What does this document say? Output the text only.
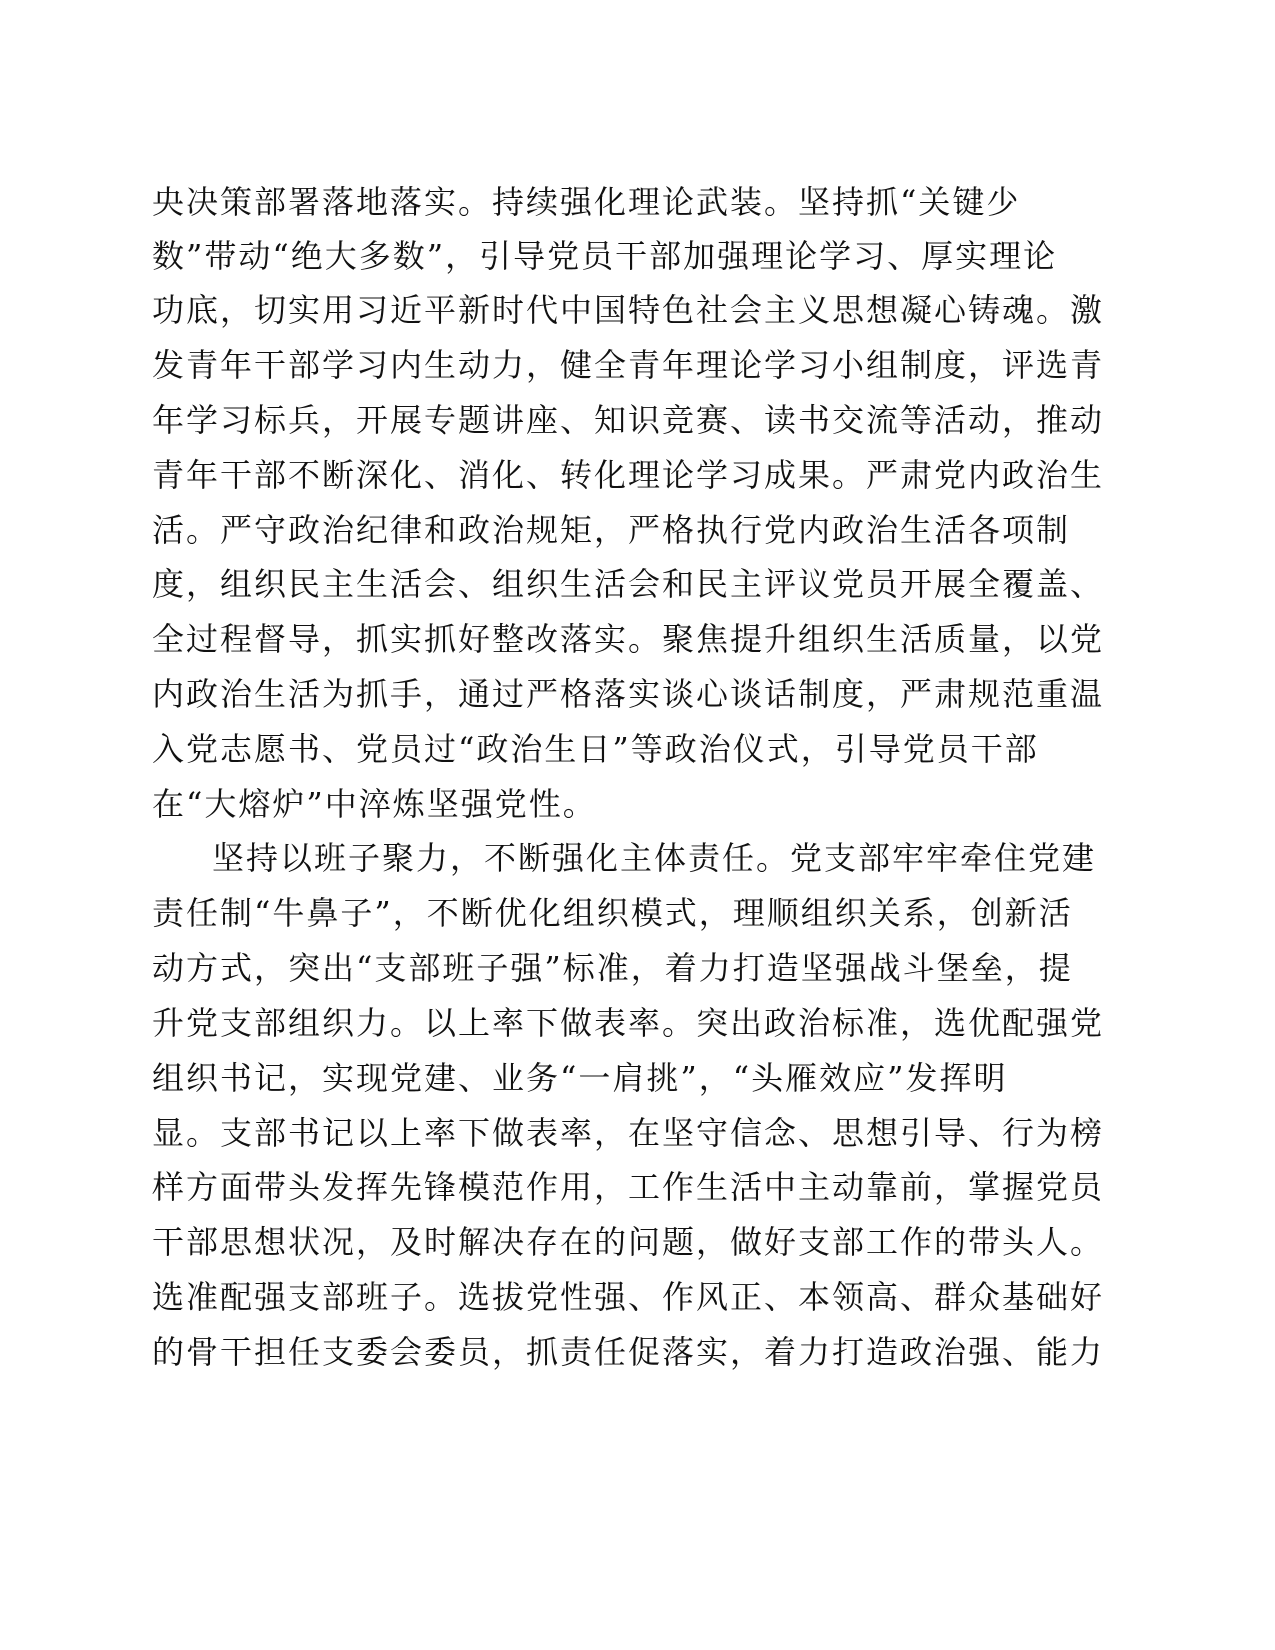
央决策部署落地落实。持续强化理论武装。坚持抓“关键少
数”带动“绝大多数”，引导党员干部加强理论学习、厚实理论
功底，切实用习近平新时代中国特色社会主义思想凝心铸魂。激
发青年干部学习内生动力，健全青年理论学习小组制度，评选青
年学习标兵，开展专题讲座、知识竞赛、读书交流等活动，推动
青年干部不断深化、消化、转化理论学习成果。严肃党内政治生
活。严守政治纪律和政治规矩，严格执行党内政治生活各项制
度，组织民主生活会、组织生活会和民主评议党员开展全覆盖、
全过程督导，抓实抓好整改落实。聚焦提升组织生活质量，以党
内政治生活为抓手，通过严格落实谈心谈话制度，严肃规范重温
入党志愿书、党员过“政治生日”等政治仪式，引导党员干部
在“大熔炉”中淬炼坚强党性。
坚持以班子聚力，不断强化主体责任。党支部牢牢牵住党建
责任制“牛鼻子”，不断优化组织模式，理顺组织关系，创新活
动方式，突出“支部班子强”标准，着力打造坚强战斗堡垒，提
升党支部组织力。以上率下做表率。突出政治标准，选优配强党
组织书记，实现党建、业务“一肩挑”，“头雁效应”发挥明
显。支部书记以上率下做表率，在坚守信念、思想引导、行为榜
样方面带头发挥先锋模范作用，工作生活中主动靠前，掌握党员
干部思想状况，及时解决存在的问题，做好支部工作的带头人。
选准配强支部班子。选拔党性强、作风正、本领高、群众基础好
的骨干担任支委会委员，抓责任促落实，着力打造政治强、能力
